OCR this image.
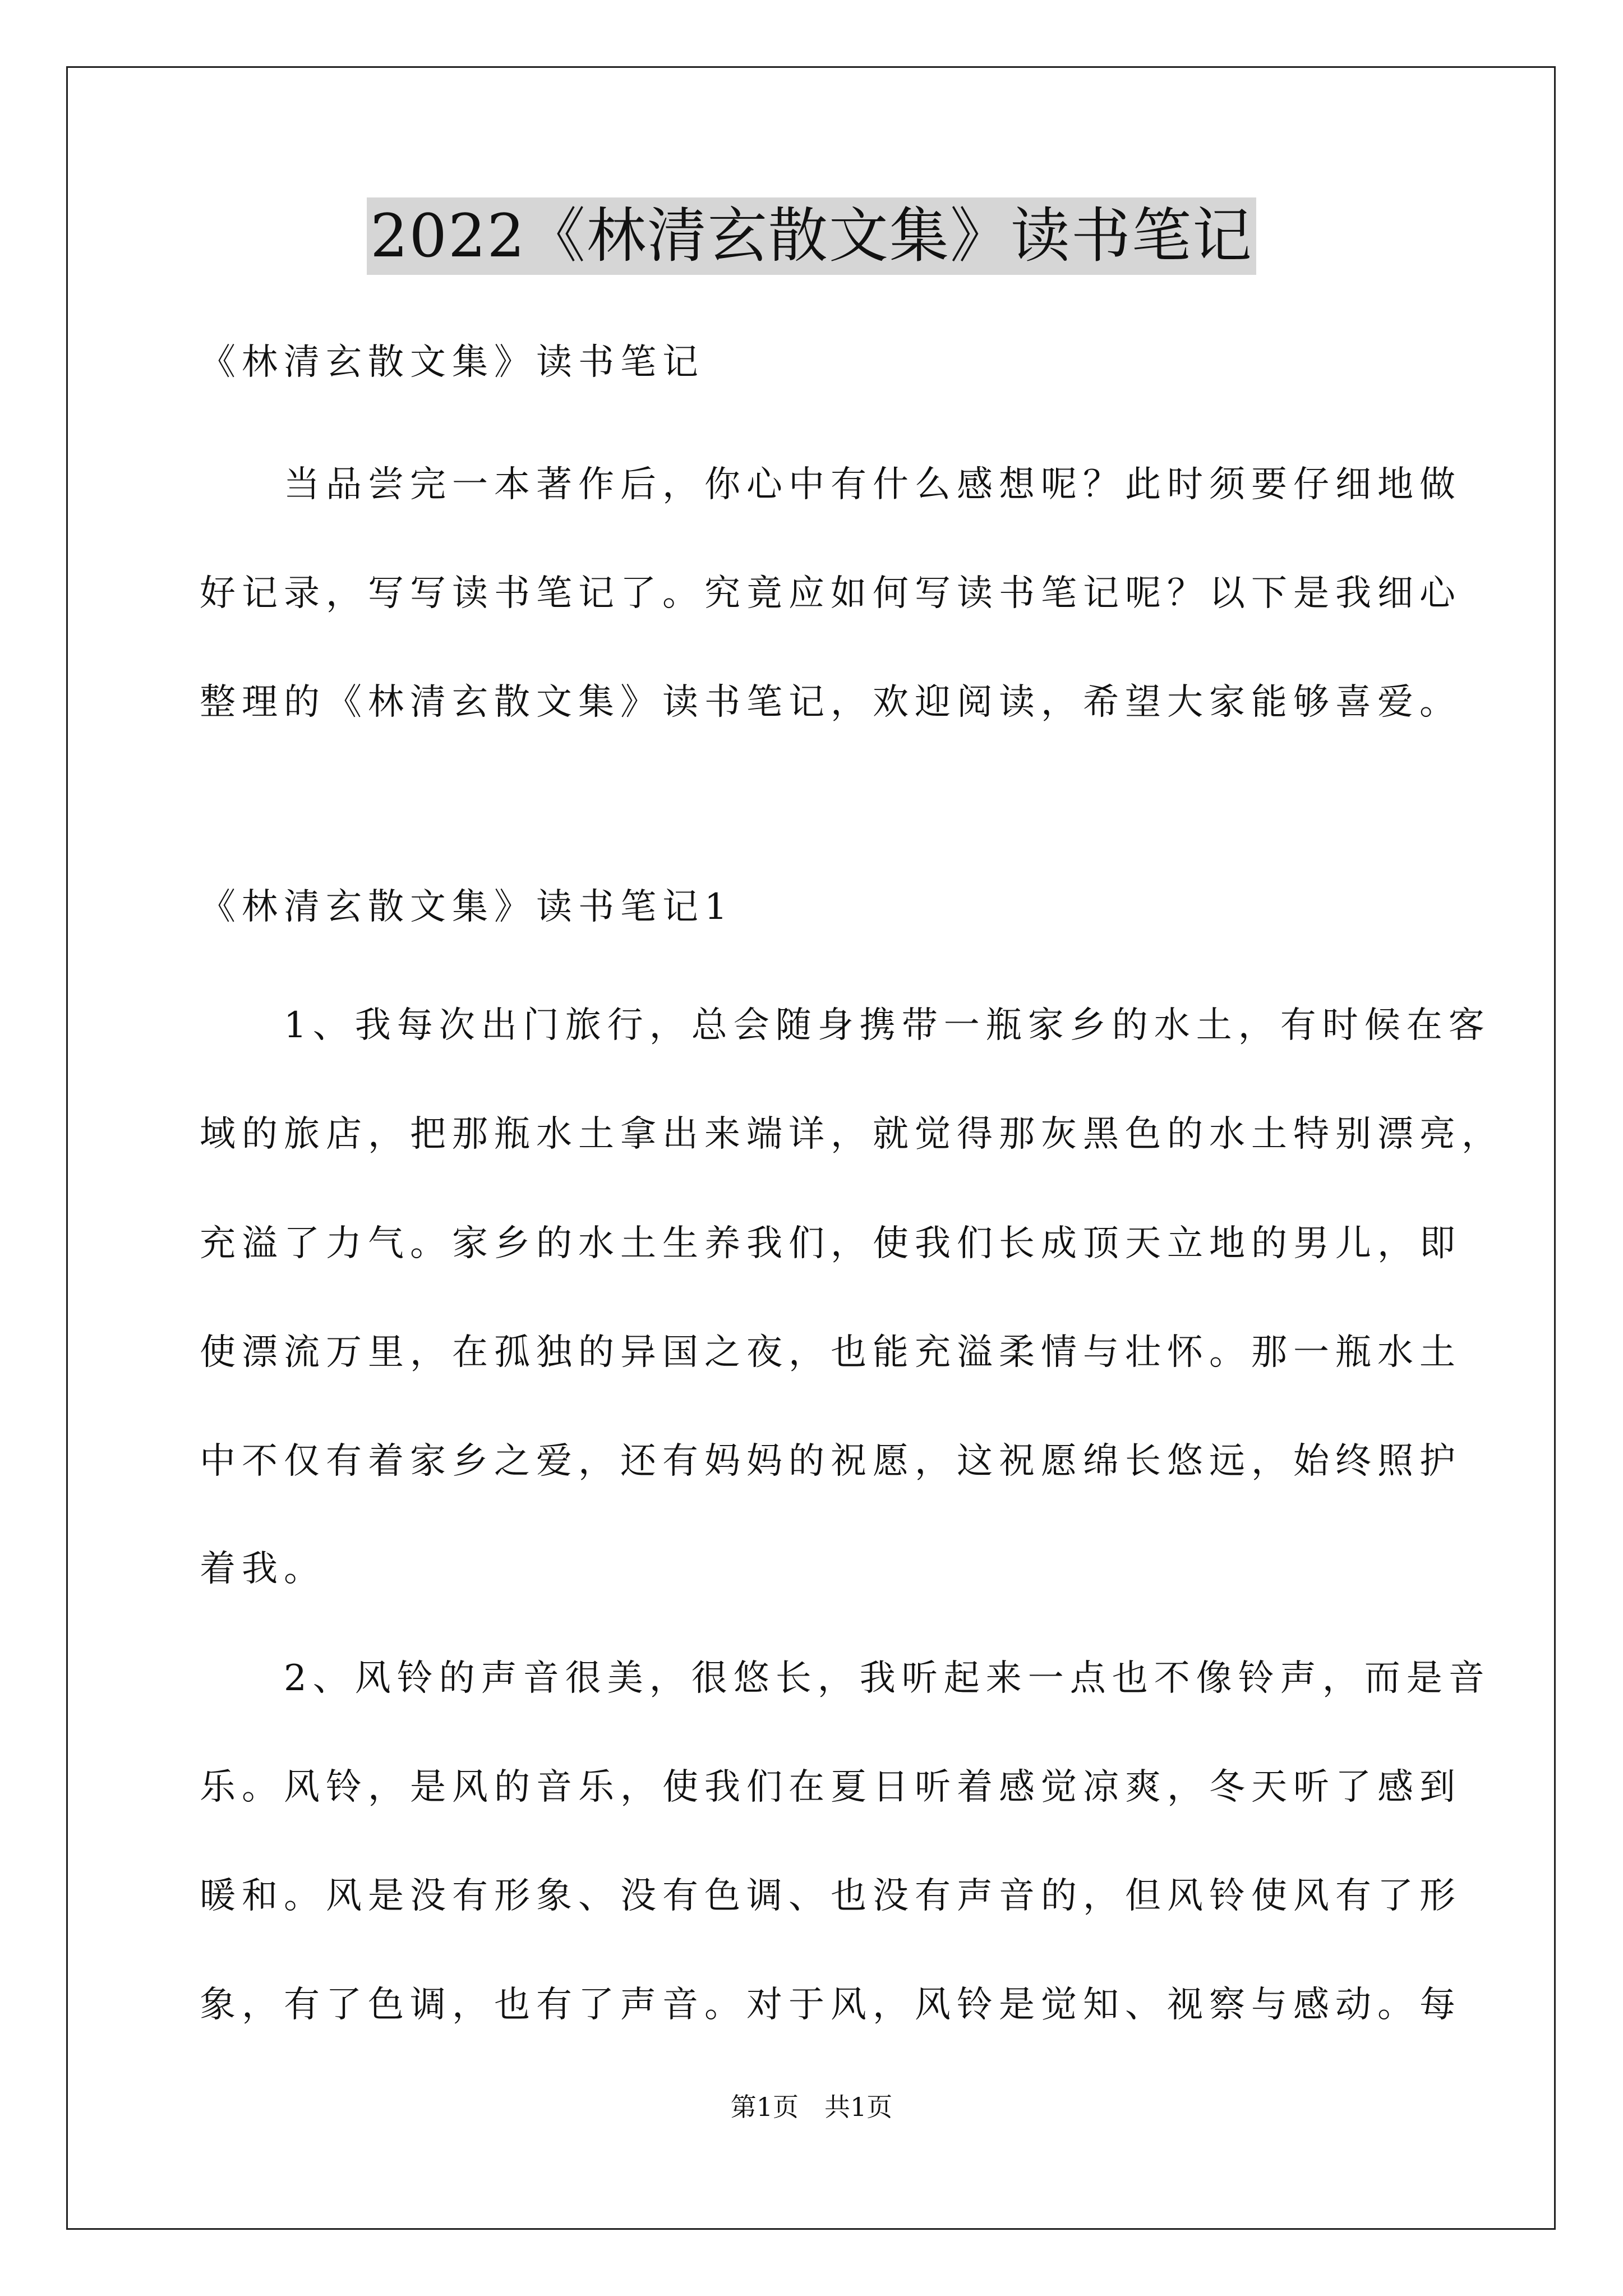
2022《林清玄散文集》读书笔记

《林清玄散文集》读书笔记

　　当品尝完一本著作后，你心中有什么感想呢？此时须要仔细地做

好记录，写写读书笔记了。究竟应如何写读书笔记呢？以下是我细心

整理的《林清玄散文集》读书笔记，欢迎阅读，希望大家能够喜爱。

《林清玄散文集》读书笔记1

　　1、我每次出门旅行，总会随身携带一瓶家乡的水土，有时候在客

域的旅店，把那瓶水土拿出来端详，就觉得那灰黑色的水土特别漂亮，

充溢了力气。家乡的水土生养我们，使我们长成顶天立地的男儿，即

使漂流万里，在孤独的异国之夜，也能充溢柔情与壮怀。那一瓶水土

中不仅有着家乡之爱，还有妈妈的祝愿，这祝愿绵长悠远，始终照护

着我。

　　2、风铃的声音很美，很悠长，我听起来一点也不像铃声，而是音

乐。风铃，是风的音乐，使我们在夏日听着感觉凉爽，冬天听了感到

暖和。风是没有形象、没有色调、也没有声音的，但风铃使风有了形

象，有了色调，也有了声音。对于风，风铃是觉知、视察与感动。每

第1页　共1页
